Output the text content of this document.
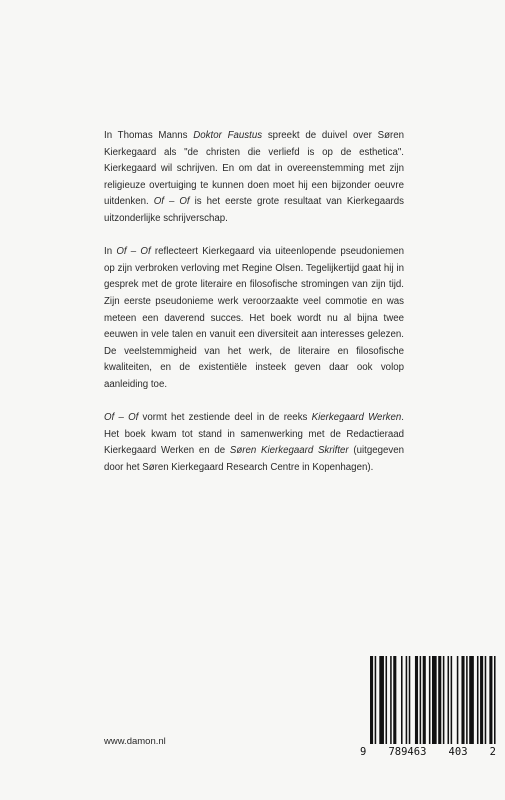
In Thomas Manns Doktor Faustus spreekt de duivel over Søren Kierkegaard als "de christen die verliefd is op de esthetica". Kierkegaard wil schrijven. En om dat in overeenstemming met zijn religieuze overtuiging te kunnen doen moet hij een bijzonder oeuvre uitdenken. Of – Of is het eerste grote resultaat van Kierkegaards uitzonderlijke schrijverschap.

In Of – Of reflecteert Kierkegaard via uiteenlopende pseudoniemen op zijn verbroken verloving met Regine Olsen. Tegelijkertijd gaat hij in gesprek met de grote literaire en filosofische stromingen van zijn tijd. Zijn eerste pseudonieme werk veroorzaakte veel commotie en was meteen een daverend succes. Het boek wordt nu al bijna twee eeuwen in vele talen en vanuit een diversiteit aan interesses gelezen. De veelstemmigheid van het werk, de literaire en filosofische kwaliteiten, en de existentiële insteek geven daar ook volop aanleiding toe.

Of – Of vormt het zestiende deel in de reeks Kierkegaard Werken. Het boek kwam tot stand in samenwerking met de Redactieraad Kierkegaard Werken en de Søren Kierkegaard Skrifter (uitgegeven door het Søren Kierkegaard Research Centre in Kopenhagen).

www.damon.nl
9 789463 403 2
